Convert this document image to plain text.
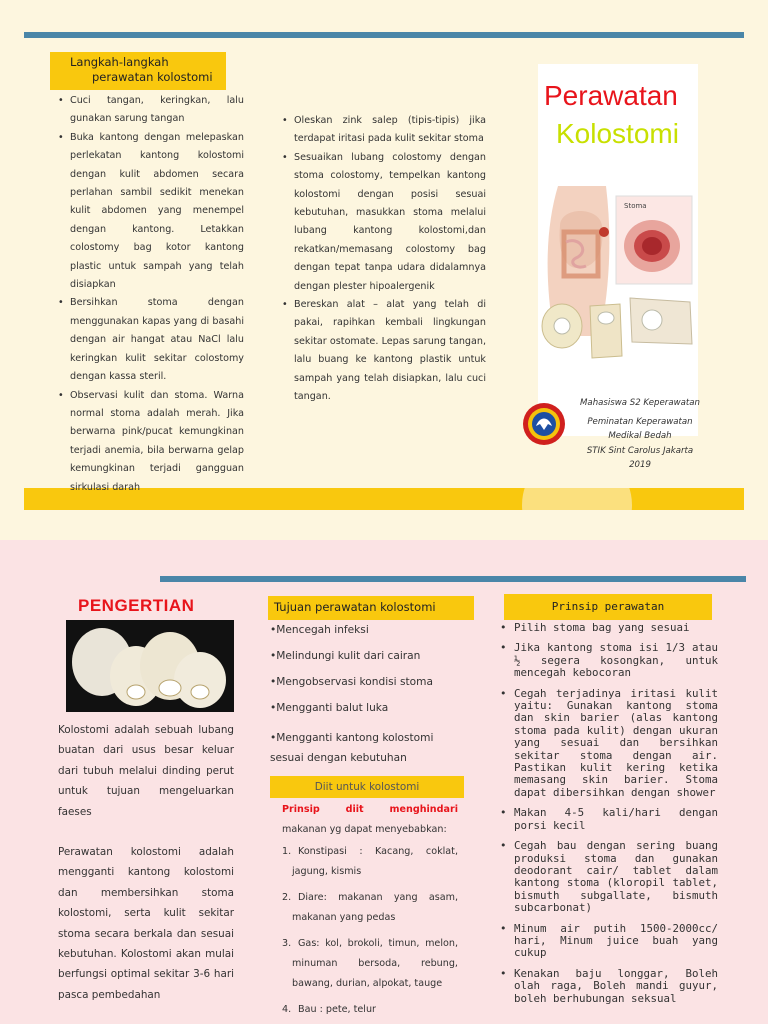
Langkah-langkah
perawatan kolostomi
• Cuci tangan, keringkan, lalu gunakan sarung tangan
• Buka kantong dengan melepaskan perlekatan kantong kolostomi dengan kulit abdomen secara perlahan sambil sedikit menekan kulit abdomen yang menempel dengan kantong. Letakkan colostomy bag kotor kantong plastic untuk sampah yang telah disiapkan
• Bersihkan stoma dengan menggunakan kapas yang di basahi dengan air hangat atau NaCl lalu keringkan kulit sekitar colostomy dengan kassa steril.
• Observasi kulit dan stoma. Warna normal stoma adalah merah. Jika berwarna pink/pucat kemungkinan terjadi anemia, bila berwarna gelap kemungkinan terjadi gangguan sirkulasi darah
• Oleskan zink salep (tipis-tipis) jika terdapat iritasi pada kulit sekitar stoma
• Sesuaikan lubang colostomy dengan stoma colostomy, tempelkan kantong kolostomi dengan posisi sesuai kebutuhan, masukkan stoma melalui lubang kantong kolostomi,dan rekatkan/memasang colostomy bag dengan tepat tanpa udara didalamnya dengan plester hipoalergenik
• Bereskan alat – alat yang telah di pakai, rapihkan kembali lingkungan sekitar ostomate. Lepas sarung tangan, lalu buang ke kantong plastik untuk sampah yang telah disiapkan, lalu cuci tangan.
Perawatan
Kolostomi
Stoma
Mahasiswa S2 Keperawatan
Peminatan Keperawatan
Medikal Bedah
STIK Sint Carolus Jakarta
2019
PENGERTIAN
Kolostomi adalah sebuah lubang buatan dari usus besar keluar dari tubuh melalui dinding perut untuk tujuan mengeluarkan faeses
Perawatan kolostomi adalah mengganti kantong kolostomi dan membersihkan stoma kolostomi, serta kulit sekitar stoma secara berkala dan sesuai kebutuhan. Kolostomi akan mulai berfungsi optimal sekitar 3-6 hari pasca pembedahan
Tujuan perawatan kolostomi
•Mencegah infeksi
•Melindungi kulit dari cairan
•Mengobservasi kondisi stoma
•Mengganti balut luka
•Mengganti kantong kolostomi sesuai dengan kebutuhan
Diit untuk kolostomi
Prinsip diit menghindari makanan yg dapat menyebabkan:
1. Konstipasi : Kacang, coklat, jagung, kismis
2. Diare: makanan yang asam, makanan yang pedas
3. Gas: kol, brokoli, timun, melon, minuman bersoda, rebung, bawang, durian, alpokat, tauge
4. Bau : pete, telur
Prinsip perawatan
• Pilih stoma bag yang sesuai
• Jika kantong stoma isi 1/3 atau ½ segera kosongkan, untuk mencegah kebocoran
• Cegah terjadinya iritasi kulit yaitu: Gunakan kantong stoma dan skin barier (alas kantong stoma pada kulit) dengan ukuran yang sesuai dan bersihkan sekitar stoma dengan air. Pastikan kulit kering ketika memasang skin barier. Stoma dapat dibersihkan dengan shower
• Makan 4-5 kali/hari dengan porsi kecil
• Cegah bau dengan sering buang produksi stoma dan gunakan deodorant cair/ tablet dalam kantong stoma (kloropil tablet, bismuth subgallate, bismuth subcarbonat)
• Minum air putih 1500-2000cc/ hari, Minum juice buah yang cukup
• Kenakan baju longgar, Boleh olah raga, Boleh mandi guyur, boleh berhubungan seksual
